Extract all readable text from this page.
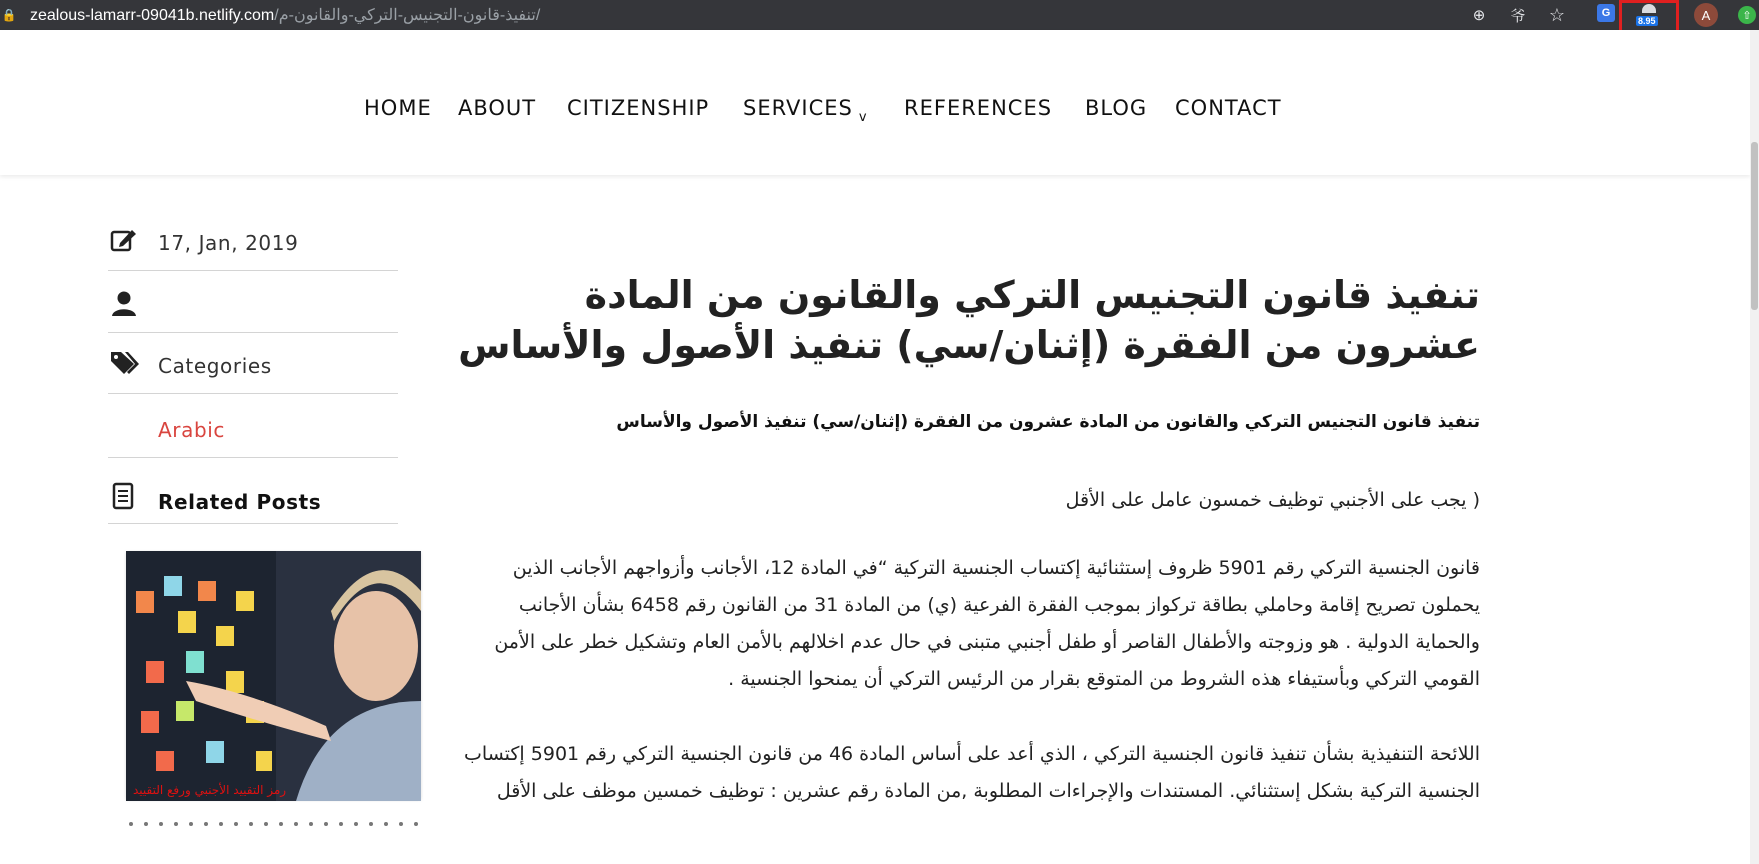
🔒 zealous-lamarr-09041b.netlify.com/تنفيذ-قانون-التجنيس-التركي-والقانون-م/	⊕	爷 ☆	G
8.95	A	⇧
HOME ABOUT CITIZENSHIP SERVICES $_v$ REFERENCES BLOG CONTACT
17, Jan, 2019
Categories
Arabic
Related Posts
رمز التقييد الأجنبي ورفع التقييد
تنفيذ قانون التجنيس التركي والقانون من المادة عشرون من الفقرة (إثنان/سي) تنفيذ الأصول والأساس

تنفيذ قانون التجنيس التركي والقانون من المادة عشرون من الفقرة (إثنان/سي) تنفيذ الأصول والأساس

( يجب على الأجنبي توظيف خمسون عامل على الأقل

قانون الجنسية التركي رقم 5901 ظروف إستثنائية إكتساب الجنسية التركية “في المادة 12، الأجانب وأزواجهم الأجانب الذين يحملون تصريح إقامة وحاملي بطاقة تركواز بموجب الفقرة الفرعية (ي) من المادة 31 من القانون رقم 6458 بشأن الأجانب والحماية الدولية . هو وزوجته والأطفال القاصر أو طفل أجنبي متبنى في حال عدم اخلالهم بالأمن العام وتشكيل خطر على الأمن القومي التركي وبأستيفاء هذه الشروط من المتوقع بقرار من الرئيس التركي أن يمنحوا الجنسية .

اللائحة التنفيذية بشأن تنفيذ قانون الجنسية التركي ، الذي أعد على أساس المادة 46 من قانون الجنسية التركي رقم 5901 إكتساب الجنسية التركية بشكل إستثنائي. المستندات والإجراءات المطلوبة ,من المادة رقم عشرين : توظيف خمسين موظف على الأقل
